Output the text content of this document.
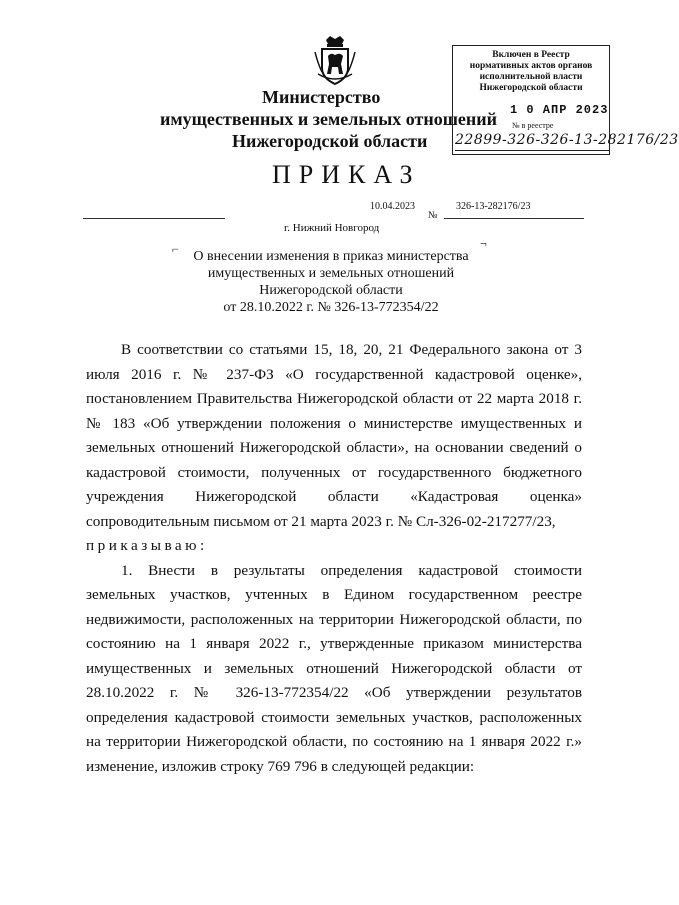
Министерство
имущественных и земельных отношений
Нижегородской области
Включен в Реестр
нормативных актов органов
исполнительной власти
Нижегородской области
1 0 АПР 2023
№ в реестре
22899-326-326-13-282176/23
ПРИКАЗ
10.04.2023
№
326-13-282176/23
г. Нижний Новгород
⌐	¬
О внесении изменения в приказ министерства
имущественных и земельных отношений
Нижегородской области
от 28.10.2022 г. № 326-13-772354/22

В соответствии со статьями 15, 18, 20, 21 Федерального закона от 3 июля 2016 г. № 237-ФЗ «О государственной кадастровой оценке», постановлением Правительства Нижегородской области от 22 марта 2018 г. № 183 «Об утверждении положения о министерстве имущественных и земельных отношений Нижегородской области», на основании сведений о кадастровой стоимости, полученных от государственного бюджетного учреждения Нижегородской области «Кадастровая оценка» сопроводительным письмом от 21 марта 2023 г. № Сл-326-02-217277/23,

приказываю:

1. Внести в результаты определения кадастровой стоимости земельных участков, учтенных в Едином государственном реестре недвижимости, расположенных на территории Нижегородской области, по состоянию на 1 января 2022 г., утвержденные приказом министерства имущественных и земельных отношений Нижегородской области от 28.10.2022 г. № 326-13-772354/22 «Об утверждении результатов определения кадастровой стоимости земельных участков, расположенных на территории Нижегородской области, по состоянию на 1 января 2022 г.» изменение, изложив строку 769 796 в следующей редакции:
